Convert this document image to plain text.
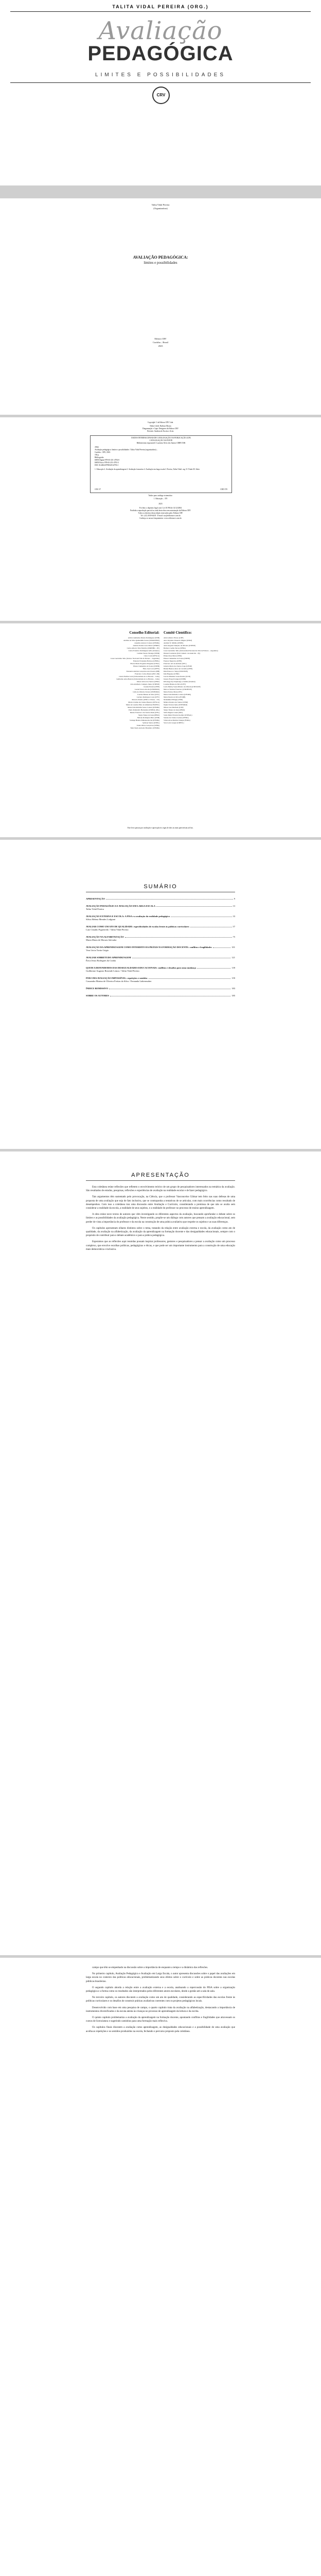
TALITA VIDAL PEREIRA (ORG.)
Avaliação
PEDAGÓGICA
LIMITES E POSSIBILIDADES
CRV
Talita Vidal Pereira
(Organizadora)
AVALIAÇÃO PEDAGÓGICA:
limites e possibilidades
Editora CRV
Curitiba – Brasil
2023
Copyright © da Editora CRV Ltda.
Editor-chefe: Railson Moura
Diagramação e Capa: Designers da Editora CRV
Revisão: Analista de Escrita e Artes
DADOS INTERNACIONAIS DE CATALOGAÇÃO NA PUBLICAÇÃO (CIP)
CATALOGAÇÃO NA FONTE
Bibliotecária responsável: Luzenira Alves dos Santos CRB9/1506
A962
Avaliação pedagógica: limites e possibilidades / Talita Vidal Pereira (organizadora) –
Curitiba : CRV, 2023.
184 p.
Bibliografia
ISBN Digital 978-65-251-4794-0
ISBN Físico 978-65-251-4793-3
DOI 10.24824/978652514793.3
1. Educação 2. Avaliação da aprendizagem 3. Avaliação formativa 4. Avaliação em larga escala I. Pereira, Talita Vidal. org. II. Título III. Série.
CDU 37	CDD 370
Índice para catálogo sistemático
1. Educação – 370
2023
Foi feito o depósito legal conf. Lei 10.994 de 14/12/2004
Proibida a reprodução parcial ou total desta obra sem autorização da Editora CRV
Todos os direitos desta edição reservados pela: Editora CRV
Tel.: (41) 3039-6418 - E-mail: sac@editoracrv.com.br
Conheça os nossos lançamentos: www.editoracrv.com.br
Conselho Editorial: Comitê Científico:
Aldira Guimarães Duarte Domínguez (UNB)
Andréia da Silva Quintanilha Sousa (UNIR/UFRN)
Anselmo Alencar Colares (UFOPA)
Antônio Pereira Gaio Júnior (UFRRJ)
Carlos Alberto Vilar Estêvão (UMINHO – PT)
Carlos Federico Dominguez Avila (Unieuro)
Carmen Tereza Velanga (UNIR)
Celso Conti (UFSCar)
Cesar Gerónimo Tello (Univer. Nacional Três de Febrero – Argentina)
Eduardo Fernandes Barbosa (UFMG)
Elione Maria Nogueira Diogenes (UFAL)
Elizeu Clementino de Souza (UNEB)
Élsio José Corá (UFFS)
Fernando Antônio Gonçalves Alcoforado (IPB)
Francisco Carlos Duarte (PUC-PR)
Gloria Fariñas León (Universidade de La Havana – Cuba)
Guillermo Arias Beatón (Universidade de La Havana – Cuba)
Jailson Alves dos Santos (UFRJ)
João Adalberto Campato Junior (UNESP)
Josania Portela (UFPI)
Leonel Severo Rocha (UNISINOS)
Lídia de Oliveira Xavier (UNIEURO)
Lourdes Helena da Silva (UFV)
Luciano Rodrigues Costa (UFV)
Marcelo Paixão (UFRJ e UTexas – US)
Maria Cristina dos Santos Bezerra (UFSCar)
Maria de Lourdes Pinto de Almeida (UNOESC)
Maria Lília Imbiriba Sousa Colares (UFOPA)
Paulo Romualdo Hernandes (UNIFAL-MG)
Renato Francisco dos Santos Paula (UFG)
Sérgio Nunes de Jesus (IFRO)
Simone Rodrigues Pinto (UNB)
Solange Helena Ximenes-Rocha (UFOPA)
Sydione Santos (UEPG)
Tadeu Oliver Gonçalves (UFPA)
Tania Suely Azevedo Brasileiro (UFOPA)
Altair Alberto Fávero (UPF)
Ana Chrystina Venancio Mignot (UERJ)
Andréia N. Militão (UEMS)
Anna Augusta Sampaio de Oliveira (UNESP)
Barbara Coelho Neves (UFBA)
Cesar Gerónimo Tello (Universidad Nacional de Três de Febrero – Argentina)
Diosnel Centurion (Univ Americ. de Asunción – Py)
Eliane Rose Maio (UEM)
Elizeu Clementino de Souza (UNEB)
Fauston Negreiros (UFPI)
Francisco Ari de Andrade (UFC)
Gláucia Maria dos Santos Jorge (UFOP)
Helder Buenos Aires de Carvalho (UFPI)
Ilma Passos A. Veiga (UNICEUB)
Inês Bragança (UERJ)
José de Ribamar Sousa Pereira (UCB)
Jussara Fraga Portugal (UNEB)
Kilwangy Kya Kapitango-a-Samba (Unemat)
Lourdes Helena da Silva (UFV)
Lucia Marisy Souza Ribeiro de Oliveira (UNIVASF)
Marcos Vinicius Francisco (UNOESTE)
Maria Eurácy Maia (UFC)
Maria Lilia Imbiriba Colares (UFOPA)
Maria Pereira da Silva (FURB)
Mohammed Elhajji (UFRJ)
Mônica Pereira dos Santos (UFRJ)
Najela Tavares Ujiie (UNESPAR)
Nilson José Machado (USP)
Sérgio Nunes de Jesus (IFRO)
Silvia Regina Canan (URI)
Sonia Maria Ferreira Koehler (UNISAL)
Suzana dos Santos Gomes (UFMG)
Vânia Alves Martins Chaigar (FURG)
Vera Lucia Gaspar (UDESC)
Este livro passou por avaliação e aprovação às cegas de dois ou mais pareceristas ad hoc.
SUMÁRIO
APRESENTAÇÃO	9
AVALIAÇÃO PEDAGÓGICA E AVALIAÇÃO EM LARGA ESCALA	13
Talita Vidal Pereira
AVALIAÇÃO EXTERNA E ESCOLA: A PISA e a avaliação da realidade pedagógica	33
Sílvia Helena Mendes Lodgiani
AVALIAR COMO UM ATO DE QUALIDADE: especificidades de escolas frente às políticas curriculares	57
Luiz Claudio Figueiredo / Talita Vidal Pereira
AVALIAÇÃO NA ALFABETIZAÇÃO	75
Marta Maria de Moraes Salvador
AVALIAÇÃO DA APRENDIZAGEM COMO INTERDITO DA PRÁXIS NA FORMAÇÃO DOCENTE: conflitos e fragilidades	101
Vera Lúcia Tortia Grigio
AVALIAR SOBRETUDO APRENDIZAGEM	121
Érica Jesus Rodrigues da Cunha
QUEM A DEFENDEMOS DAS DESIGUALDADES EDUCACIONAIS: conflitos e desafios para uma mudança	139
Guilherme Augusto Rezende Lemos / Talita Vidal Pereira
POR UMA AVALIAÇÃO IMPOSSÍVEL: repetições e sentidos	159
Cassandra Marina de Oliveira Freitas da Silva / Fernanda Lahtermaher
ÍNDICE REMISSIVO	183
SOBRE OS AUTORES	185
APRESENTAÇÃO

Esta coletânea reúne reflexões que refletem o envolvimento teórico de um grupo de pesquisadores interessados na temática da avaliação. São resultados de estudos, pesquisas, reflexões e experiências de avaliação na realidade escolar e de fazer pedagógico.

Tais argumentos têm sustentado pelo provocação, na Ciência, que o professor Vasconcelos Gilmar tem feito nas suas defesas de uma proposta de uma avaliação que seja de fato inclusiva, que se contraponha a tentativas de se articular, com mais ocorrências como resultado de desempenhos. Com isso a coletânea traz uma discussão entre Avaliação e Currículo, considerando a premissa de que não se avalia sem considerar a realidade da escola, a realidade de seus sujeitos, e a realidade do professor no processo de ensino aprendizagem.

A obra reúne nove textos de autores que vêm investigando os diferentes aspectos da avaliação, buscando aprofundar o debate sobre os limites e as possibilidades da avaliação pedagógica. Neste sentido, propõe-se um diálogo com autores que pensam a avaliação educacional, sem perder de vista a importância do professor e da escola na construção de uma prática avaliativa que respeite os sujeitos e as suas diferenças.

Os capítulos apresentam olhares distintos sobre o tema, tratando da relação entre avaliação externa e escola, da avaliação como ato de qualidade, da avaliação na alfabetização, da avaliação da aprendizagem na formação docente e das desigualdades educacionais, sempre com o propósito de contribuir para o debate acadêmico e para a prática pedagógica.

Esperamos que as reflexões aqui reunidas possam inspirar professores, gestores e pesquisadores a pensar a avaliação como um processo complexo, que envolve escolhas políticas, pedagógicas e éticas, e que pode ser um importante instrumento para a construção de uma educação mais democrática e inclusiva.

campo que têm se empenhado na discussão sobre a importância de enquanto a tempo e a dinâmica das reflexões.

No primeiro capítulo, Avaliação Pedagógica e Avaliação em Larga Escala, o autor apresenta discussões sobre o papel das avaliações em larga escala no contexto das políticas educacionais, problematizando seus efeitos sobre o currículo e sobre as práticas docentes nas escolas públicas brasileiras.

O segundo capítulo aborda a relação entre a avaliação externa e a escola, analisando a repercussão do PISA sobre a organização pedagógica e a forma como os resultados são interpretados pelos diferentes atores escolares, desde a gestão até a sala de aula.

No terceiro capítulo, os autores discutem a avaliação como um ato de qualidade, considerando as especificidades das escolas frente às políticas curriculares e os desafios de construir práticas avaliativas coerentes com os projetos pedagógicos locais.

Desenvolvido com base em uma pesquisa de campo, o quarto capítulo trata da avaliação na alfabetização, destacando a importância de instrumentos diversificados e da escuta atenta às crianças no processo de aprendizagem da leitura e da escrita.

O quinto capítulo problematiza a avaliação da aprendizagem na formação docente, apontando conflitos e fragilidades que atravessam os cursos de licenciatura e sugerindo caminhos para uma formação mais reflexiva.

Os capítulos finais discutem a avaliação como aprendizagem, as desigualdades educacionais e a possibilidade de uma avaliação que acolha as repetições e os sentidos produzidos na escola, fechando o percurso proposto pela coletânea.
